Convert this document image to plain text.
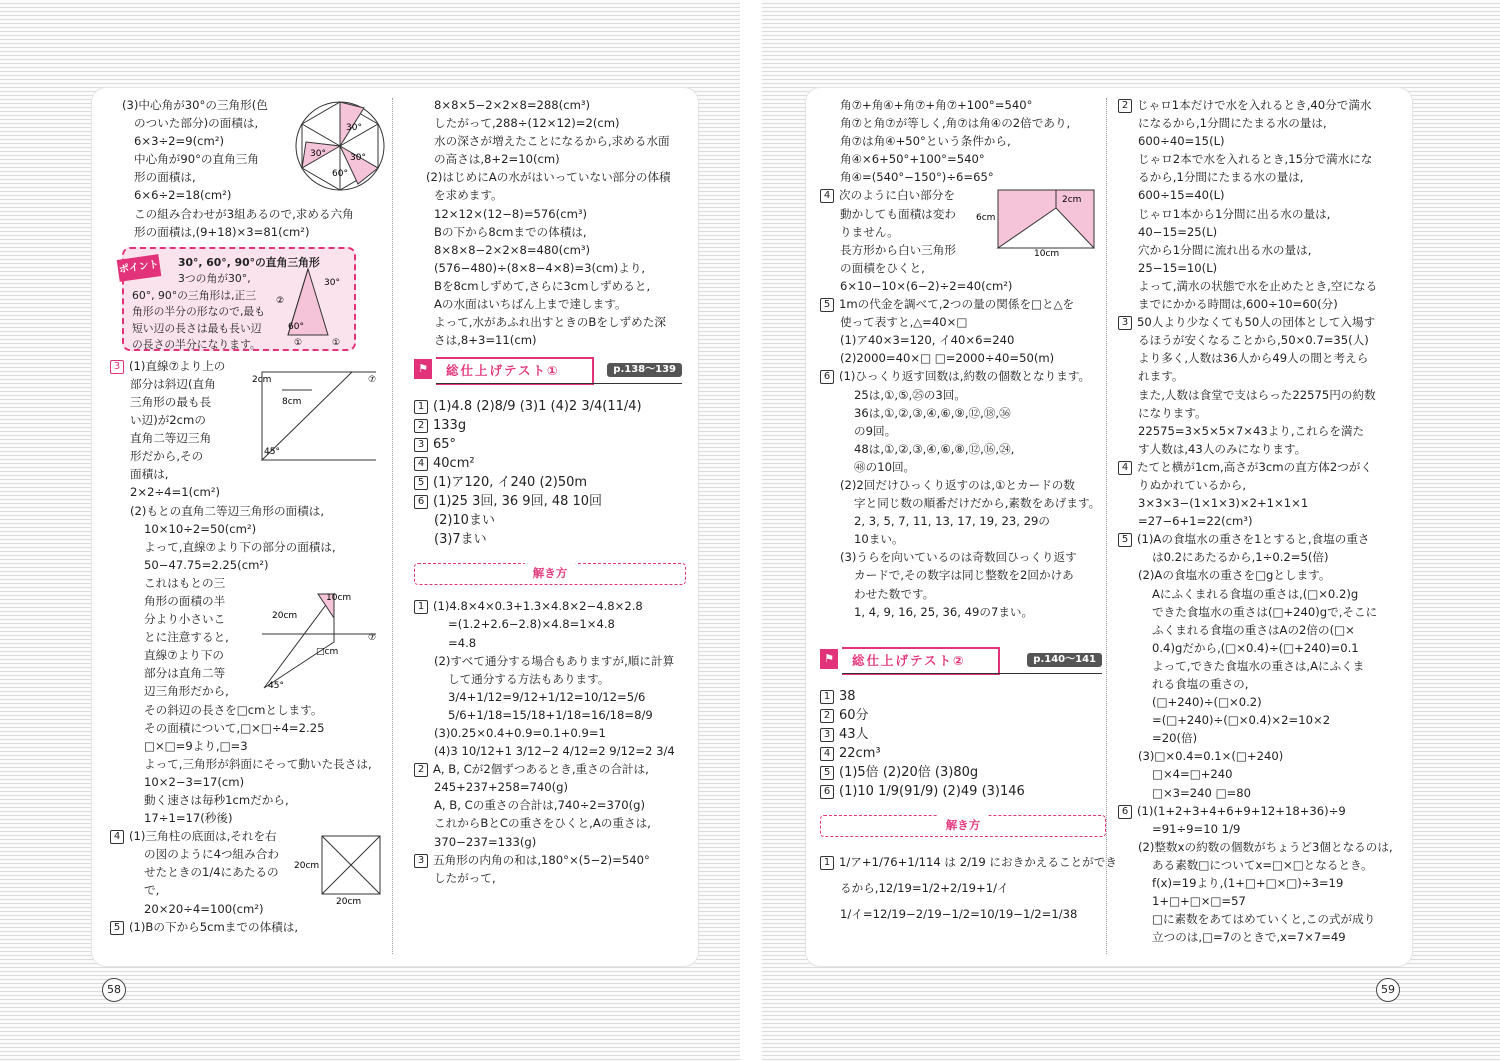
(3)中心角が30°の三角形(色
のついた部分)の面積は,
6×3÷2=9(cm²)
中心角が90°の直角三角
形の面積は,
6×6÷2=18(cm²)
この組み合わせが3組あるので,求める六角
形の面積は,(9+18)×3=81(cm²)
ポイント 30°, 60°, 90°の直角三角形
3つの角が30°,
60°, 90°の三角形は,正三
角形の半分の形なので,最も
短い辺の長さは最も長い辺
の長さの半分になります。
30°
60°
②
①	①
3 (1)直線⑦より上の
部分は斜辺(直角
三角形の最も長
い辺)が2cmの
直角二等辺三角
形だから,その
面積は,
2×2÷4=1(cm²)
(2)もとの直角二等辺三角形の面積は,
10×10÷2=50(cm²)
よって,直線⑦より下の部分の面積は,
50−47.75=2.25(cm²)
これはもとの三
角形の面積の半
分より小さいこ
とに注意すると,
直線⑦より下の
部分は直角二等
辺三角形だから,
その斜辺の長さを□cmとします。
その面積について,□×□÷4=2.25
□×□=9より,□=3
よって,三角形が斜面にそって動いた長さは,
10×2−3=17(cm)
動く速さは毎秒1cmだから,
17÷1=17(秒後)
4 (1)三角柱の底面は,それを右
の図のように4つ組み合わ
せたときの1/4にあたるの
で,
20×20÷4=100(cm²)
5 (1)Bの下から5cmまでの体積は,
30°
30°	30°
60°
2cm
8cm
45°
⑦
10cm
20cm
□cm
45°
⑦
20cm
20cm
8×8×5−2×2×8=288(cm³)
したがって,288÷(12×12)=2(cm)
水の深さが増えたことになるから,求める水面
の高さは,8+2=10(cm)
(2)はじめにAの水がはいっていない部分の体積
を求めます。
12×12×(12−8)=576(cm³)
Bの下から8cmまでの体積は,
8×8×8−2×2×8=480(cm³)
(576−480)÷(8×8−4×8)=3(cm)より,
Bを8cmしずめて,さらに3cmしずめると,
Aの水面はいちばん上まで達します。
よって,水があふれ出すときのBをしずめた深
さは,8+3=11(cm)
⚑	総仕上げテスト①	p.138〜139
1 (1)4.8 (2)8/9 (3)1 (4)2 3/4(11/4)
2 133g
3 65°
4 40cm²
5 (1)ア120, イ240 (2)50m
6 (1)25 3回, 36 9回, 48 10回
(2)10まい
(3)7まい
解き方
1 (1)4.8×4×0.3+1.3×4.8×2−4.8×2.8
=(1.2+2.6−2.8)×4.8=1×4.8
=4.8
(2)すべて通分する場合もありますが,順に計算
して通分する方法もあります。
3/4+1/12=9/12+1/12=10/12=5/6
5/6+1/18=15/18+1/18=16/18=8/9
(3)0.25×0.4+0.9=0.1+0.9=1
(4)3 10/12+1 3/12−2 4/12=2 9/12=2 3/4
2 A, B, Cが2個ずつあるとき,重さの合計は,
245+237+258=740(g)
A, B, Cの重さの合計は,740÷2=370(g)
これからBとCの重さをひくと,Aの重さは,
370−237=133(g)
3 五角形の内角の和は,180°×(5−2)=540°
したがって,
角⑦+角④+角⑦+角⑦+100°=540°
角⑦と角⑦が等しく,角⑦は角④の2倍であり,
角⑦は角④+50°という条件から,
角④×6+50°+100°=540°
角④=(540°−150°)÷6=65°
4 次のように白い部分を
動かしても面積は変わ
りません。
長方形から白い三角形
の面積をひくと,
6×10−10×(6−2)÷2=40(cm²)
5 1mの代金を調べて,2つの量の関係を□と△を
使って表すと,△=40×□
(1)ア40×3=120, イ40×6=240
(2)2000=40×□ □=2000÷40=50(m)
6 (1)ひっくり返す回数は,約数の個数となります。
25は,①,⑤,㉕の3回。
36は,①,②,③,④,⑥,⑨,⑫,⑱,㊱
の9回。
48は,①,②,③,④,⑥,⑧,⑫,⑯,㉔,
㊽の10回。
(2)2回だけひっくり返すのは,①とカードの数
字と同じ数の順番だけだから,素数をあげます。
2, 3, 5, 7, 11, 13, 17, 19, 23, 29の
10まい。
(3)うらを向いているのは奇数回ひっくり返す
カードで,その数字は同じ整数を2回かけあ
わせた数です。
1, 4, 9, 16, 25, 36, 49の7まい。
⚑	総仕上げテスト②	p.140〜141
1 38
2 60分
3 43人
4 22cm³
5 (1)5倍 (2)20倍 (3)80g
6 (1)10 1/9(91/9) (2)49 (3)146
解き方
1 1/ア+1/76+1/114 は 2/19 におきかえることができ
るから,12/19=1/2+2/19+1/イ
1/イ=12/19−2/19−1/2=10/19−1/2=1/38
6cm
2cm
10cm
2 じゃロ1本だけで水を入れるとき,40分で満水
になるから,1分間にたまる水の量は,
600÷40=15(L)
じゃロ2本で水を入れるとき,15分で満水にな
るから,1分間にたまる水の量は,
600÷15=40(L)
じゃロ1本から1分間に出る水の量は,
40−15=25(L)
穴から1分間に流れ出る水の量は,
25−15=10(L)
よって,満水の状態で水を止めたとき,空になる
までにかかる時間は,600÷10=60(分)
3 50人より少なくても50人の団体として入場す
るほうが安くなることから,50×0.7=35(人)
より多く,人数は36人から49人の間と考えら
れます。
また,人数は食堂で支はらった22575円の約数
になります。
22575=3×5×5×7×43より,これらを満た
す人数は,43人のみになります。
4 たてと横が1cm,高さが3cmの直方体2つがく
りぬかれているから,
3×3×3−(1×1×3)×2+1×1×1
=27−6+1=22(cm³)
5 (1)Aの食塩水の重さを1とすると,食塩の重さ
は0.2にあたるから,1÷0.2=5(倍)
(2)Aの食塩水の重さを□gとします。
Aにふくまれる食塩の重さは,(□×0.2)g
できた食塩水の重さは(□+240)gで,そこに
ふくまれる食塩の重さはAの2倍の(□×
0.4)gだから,(□×0.4)÷(□+240)=0.1
よって,できた食塩水の重さは,Aにふくま
れる食塩の重さの,
(□+240)÷(□×0.2)
=(□+240)÷(□×0.4)×2=10×2
=20(倍)
(3)□×0.4=0.1×(□+240)
□×4=□+240
□×3=240 □=80
6 (1)(1+2+3+4+6+9+12+18+36)÷9
=91÷9=10 1/9
(2)整数xの約数の個数がちょうど3個となるのは,
ある素数□についてx=□×□となるとき。
f(x)=19より,(1+□+□×□)÷3=19
1+□+□×□=57
□に素数をあてはめていくと,この式が成り
立つのは,□=7のときで,x=7×7=49
58	59
